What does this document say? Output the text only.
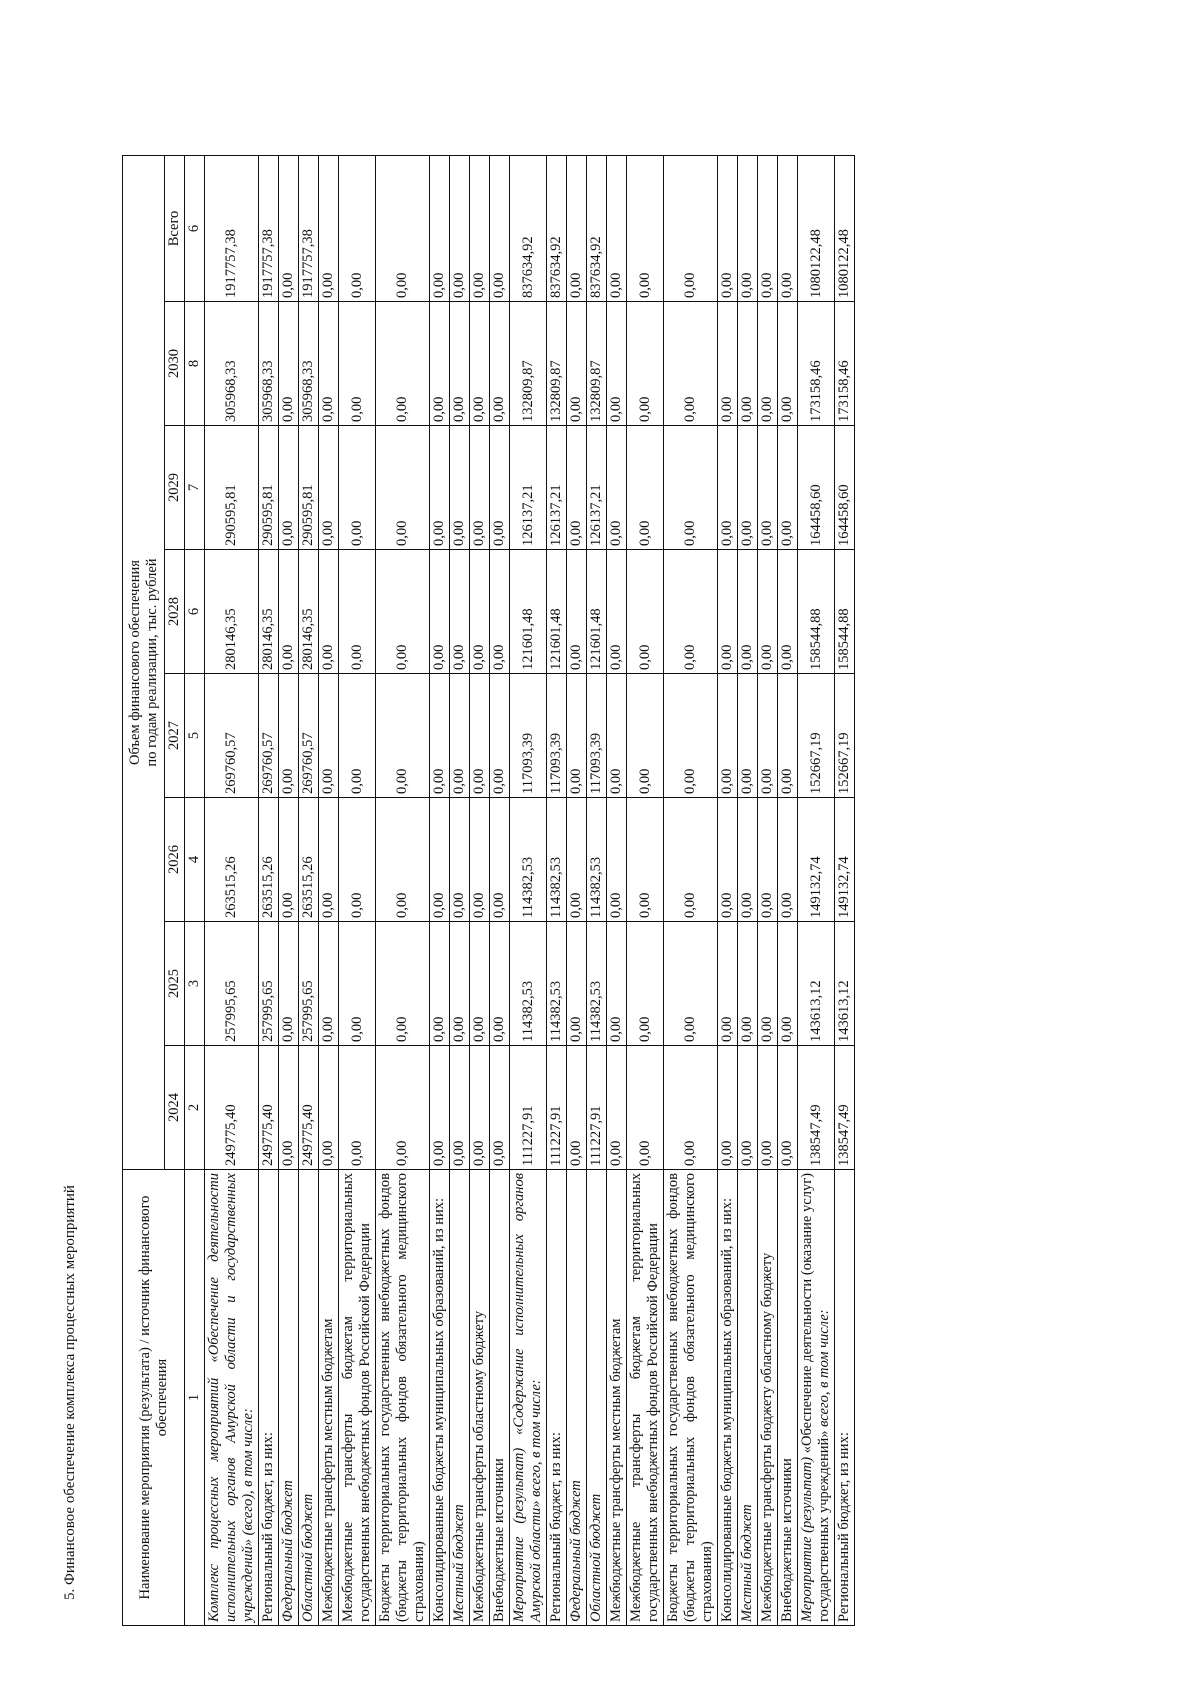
5. Финансовое обеспечение комплекса процессных мероприятий	Наименование мероприятия (результата) / источник финансового обеспечения	Объем финансового обеспечения по годам реализации, тыс. рублей							

	2024	2025	2026	2027	2028	2029	2030	Всего
1	2	3	4	5	6	7	8	6
Комплекс процессных мероприятий «Обеспечение деятельности исполнительных органов Амурской области и государственных учреждений» (всего), в том числе:	249775,40	257995,65	263515,26	269760,57	280146,35	290595,81	305968,33	1917757,38
Региональный бюджет, из них:	249775,40	257995,65	263515,26	269760,57	280146,35	290595,81	305968,33	1917757,38
Федеральный бюджет	0,00	0,00	0,00	0,00	0,00	0,00	0,00	0,00
Областной бюджет	249775,40	257995,65	263515,26	269760,57	280146,35	290595,81	305968,33	1917757,38
Межбюджетные трансферты местным бюджетам	0,00	0,00	0,00	0,00	0,00	0,00	0,00	0,00
Межбюджетные трансферты бюджетам территориальных государственных внебюджетных фондов Российской Федерации	0,00	0,00	0,00	0,00	0,00	0,00	0,00	0,00
Бюджеты территориальных государственных внебюджетных фондов (бюджеты территориальных фондов обязательного медицинского страхования)	0,00	0,00	0,00	0,00	0,00	0,00	0,00	0,00
Консолидированные бюджеты муниципальных образований, из них:	0,00	0,00	0,00	0,00	0,00	0,00	0,00	0,00
Местный бюджет	0,00	0,00	0,00	0,00	0,00	0,00	0,00	0,00
Межбюджетные трансферты областному бюджету	0,00	0,00	0,00	0,00	0,00	0,00	0,00	0,00
Внебюджетные источники	0,00	0,00	0,00	0,00	0,00	0,00	0,00	0,00
Мероприятие (результат) «Содержание исполнительных органов Амурской области» всего, в том числе:	111227,91	114382,53	114382,53	117093,39	121601,48	126137,21	132809,87	837634,92
Региональный бюджет, из них:	111227,91	114382,53	114382,53	117093,39	121601,48	126137,21	132809,87	837634,92
Федеральный бюджет	0,00	0,00	0,00	0,00	0,00	0,00	0,00	0,00
Областной бюджет	111227,91	114382,53	114382,53	117093,39	121601,48	126137,21	132809,87	837634,92
Межбюджетные трансферты местным бюджетам	0,00	0,00	0,00	0,00	0,00	0,00	0,00	0,00
Межбюджетные трансферты бюджетам территориальных государственных внебюджетных фондов Российской Федерации	0,00	0,00	0,00	0,00	0,00	0,00	0,00	0,00
Бюджеты территориальных государственных внебюджетных фондов (бюджеты территориальных фондов обязательного медицинского страхования)	0,00	0,00	0,00	0,00	0,00	0,00	0,00	0,00
Консолидированные бюджеты муниципальных образований, из них:	0,00	0,00	0,00	0,00	0,00	0,00	0,00	0,00
Местный бюджет	0,00	0,00	0,00	0,00	0,00	0,00	0,00	0,00
Межбюджетные трансферты бюджету областному бюджету	0,00	0,00	0,00	0,00	0,00	0,00	0,00	0,00
Внебюджетные источники	0,00	0,00	0,00	0,00	0,00	0,00	0,00	0,00
Мероприятие (результат) «Обеспечение деятельности (оказание услуг) государственных учреждений» всего, в том числе:	138547,49	143613,12	149132,74	152667,19	158544,88	164458,60	173158,46	1080122,48
Региональный бюджет, из них:	138547,49	143613,12	149132,74	152667,19	158544,88	164458,60	173158,46	1080122,48
